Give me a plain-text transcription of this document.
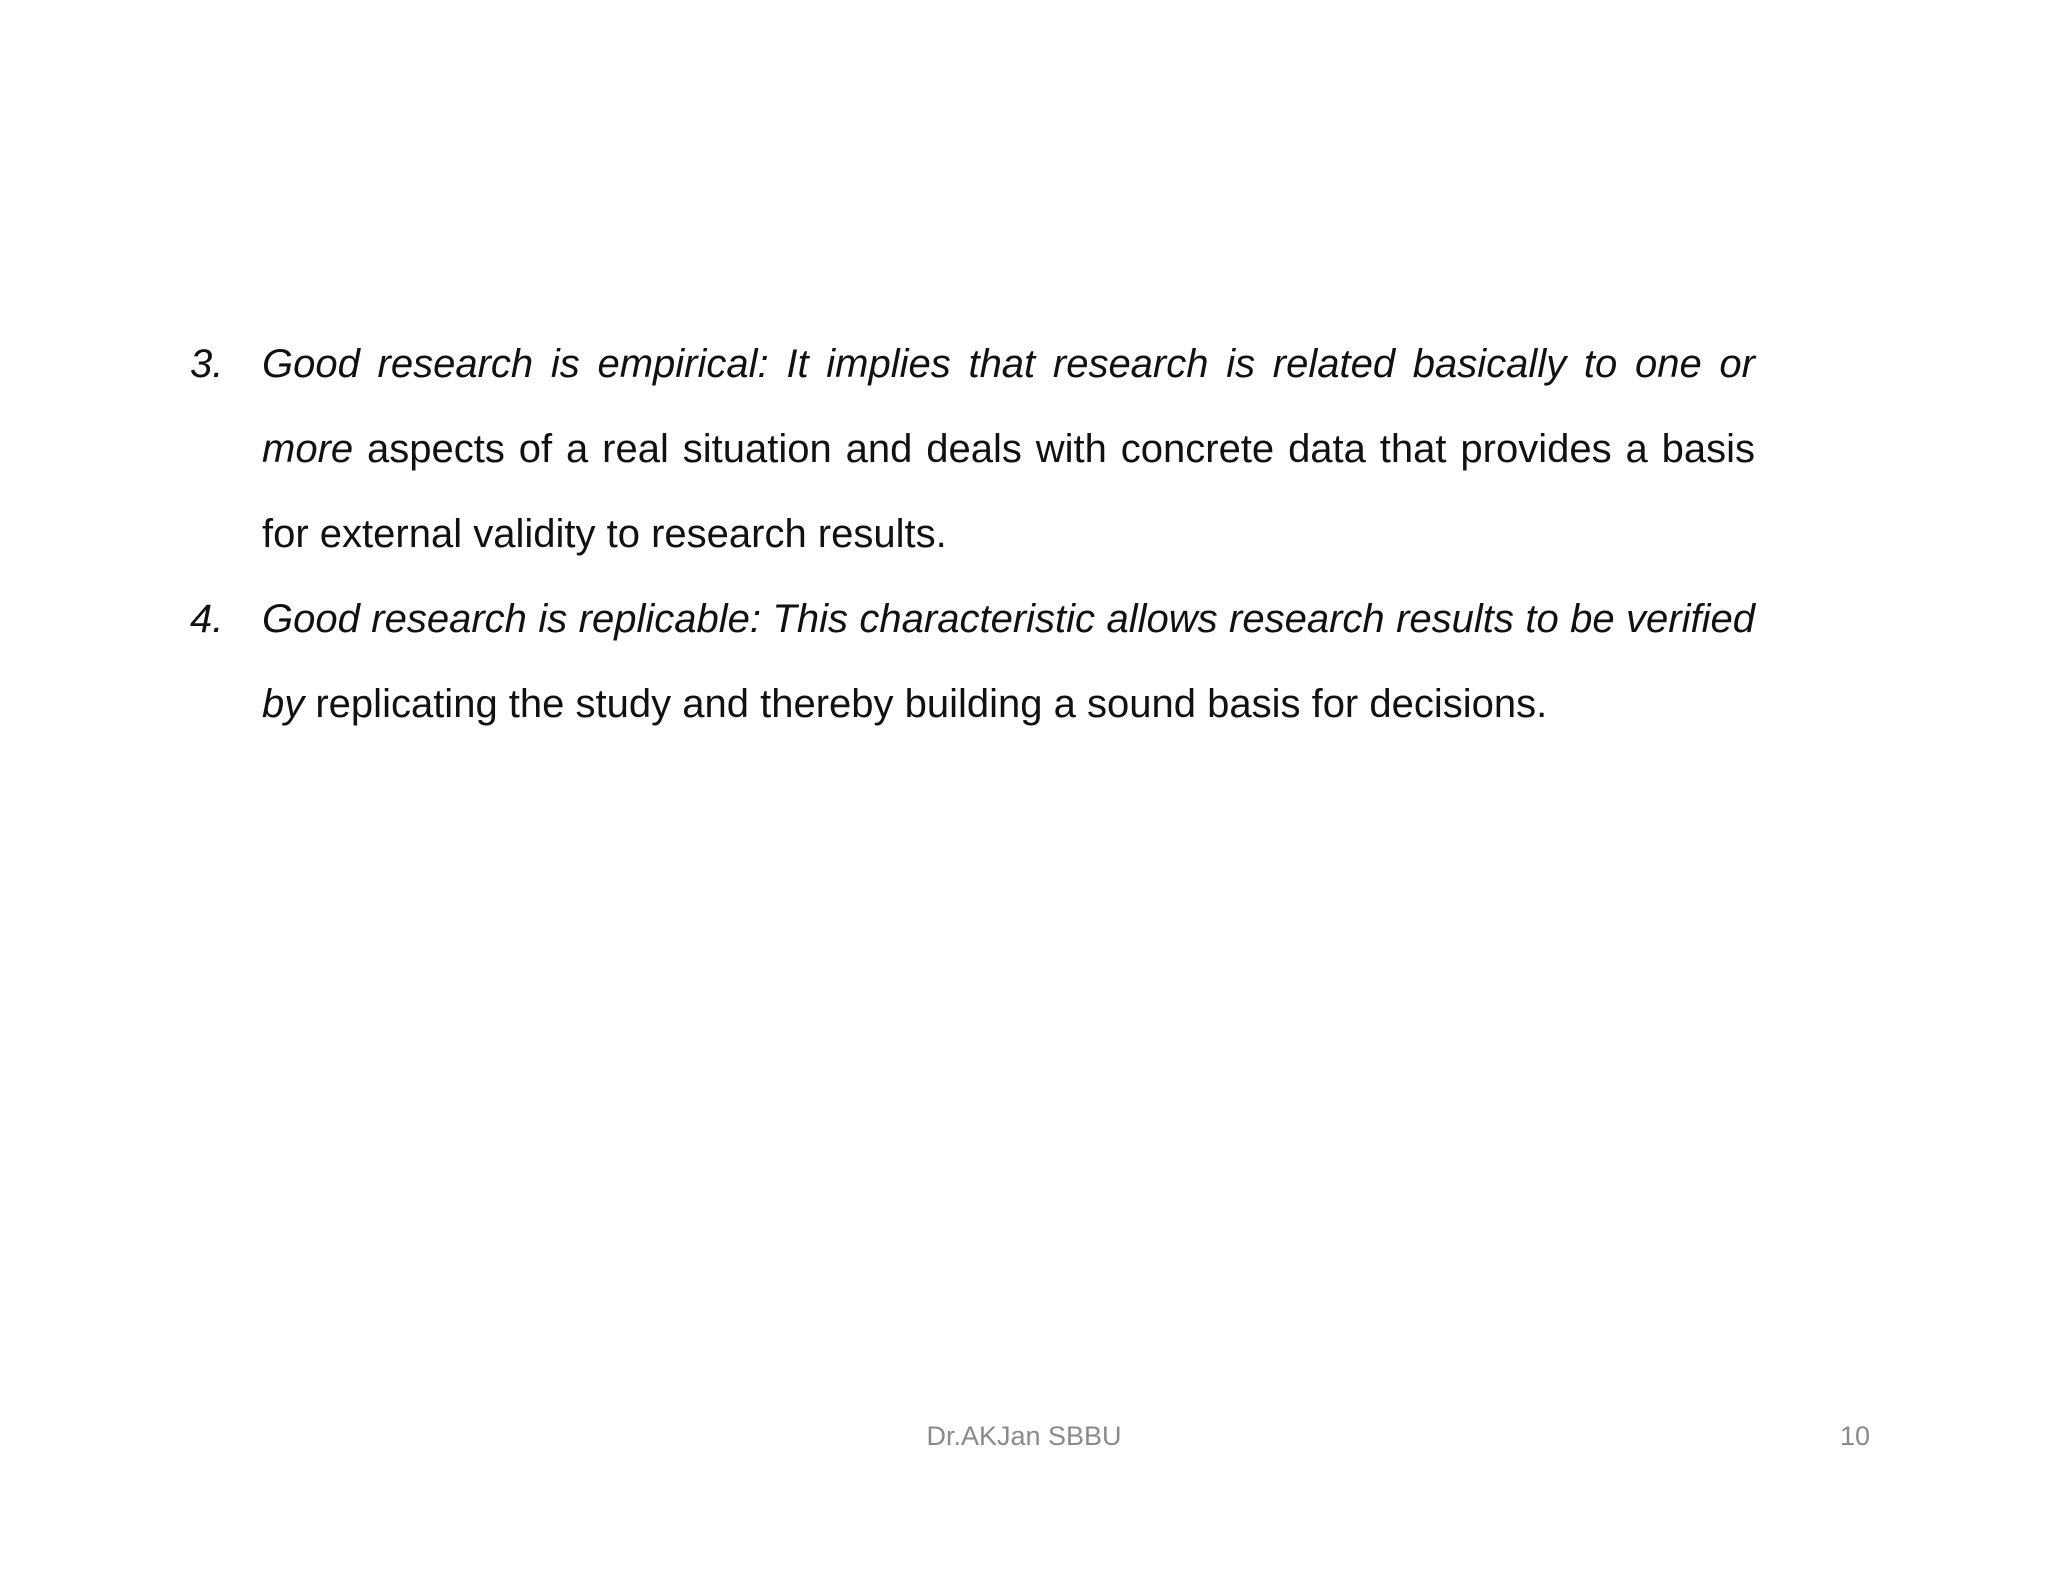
3. Good research is empirical: It implies that research is related basically to one or more aspects of a real situation and deals with concrete data that provides a basis for external validity to research results.
4. Good research is replicable: This characteristic allows research results to be verified by replicating the study and thereby building a sound basis for decisions.
Dr.AKJan SBBU	10
